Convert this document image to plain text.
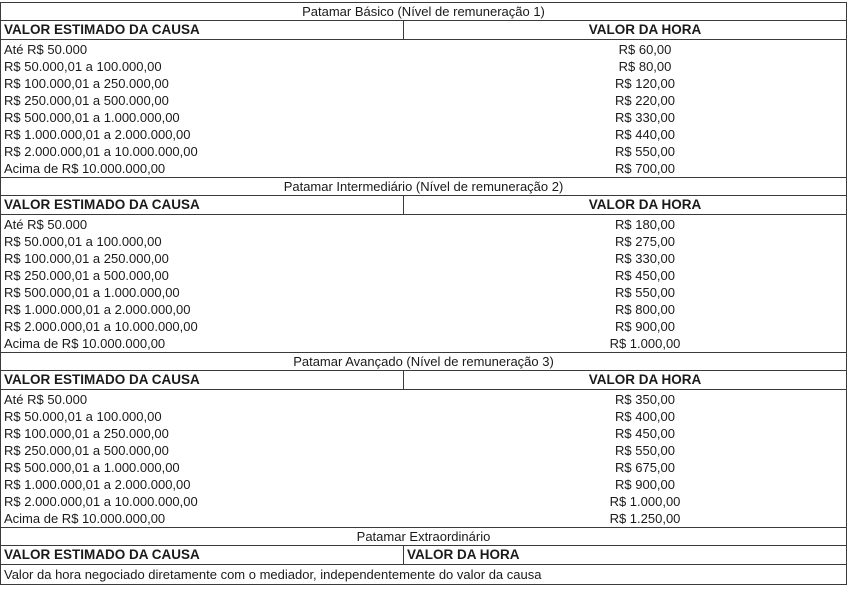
Patamar Básico (Nível de remuneração 1)
VALOR ESTIMADO DA CAUSA	VALOR DA HORA
Até R$ 50.000	R$ 60,00
R$ 50.000,01 a 100.000,00	R$ 80,00
R$ 100.000,01 a 250.000,00	R$ 120,00
R$ 250.000,01 a 500.000,00	R$ 220,00
R$ 500.000,01 a 1.000.000,00	R$ 330,00
R$ 1.000.000,01 a 2.000.000,00	R$ 440,00
R$ 2.000.000,01 a 10.000.000,00	R$ 550,00
Acima de R$ 10.000.000,00	R$ 700,00
Patamar Intermediário (Nível de remuneração 2)
VALOR ESTIMADO DA CAUSA	VALOR DA HORA
Até R$ 50.000	R$ 180,00
R$ 50.000,01 a 100.000,00	R$ 275,00
R$ 100.000,01 a 250.000,00	R$ 330,00
R$ 250.000,01 a 500.000,00	R$ 450,00
R$ 500.000,01 a 1.000.000,00	R$ 550,00
R$ 1.000.000,01 a 2.000.000,00	R$ 800,00
R$ 2.000.000,01 a 10.000.000,00	R$ 900,00
Acima de R$ 10.000.000,00	R$ 1.000,00
Patamar Avançado (Nível de remuneração 3)
VALOR ESTIMADO DA CAUSA	VALOR DA HORA
Até R$ 50.000	R$ 350,00
R$ 50.000,01 a 100.000,00	R$ 400,00
R$ 100.000,01 a 250.000,00	R$ 450,00
R$ 250.000,01 a 500.000,00	R$ 550,00
R$ 500.000,01 a 1.000.000,00	R$ 675,00
R$ 1.000.000,01 a 2.000.000,00	R$ 900,00
R$ 2.000.000,01 a 10.000.000,00	R$ 1.000,00
Acima de R$ 10.000.000,00	R$ 1.250,00
Patamar Extraordinário
VALOR ESTIMADO DA CAUSA	VALOR DA HORA
Valor da hora negociado diretamente com o mediador, independentemente do valor da causa
